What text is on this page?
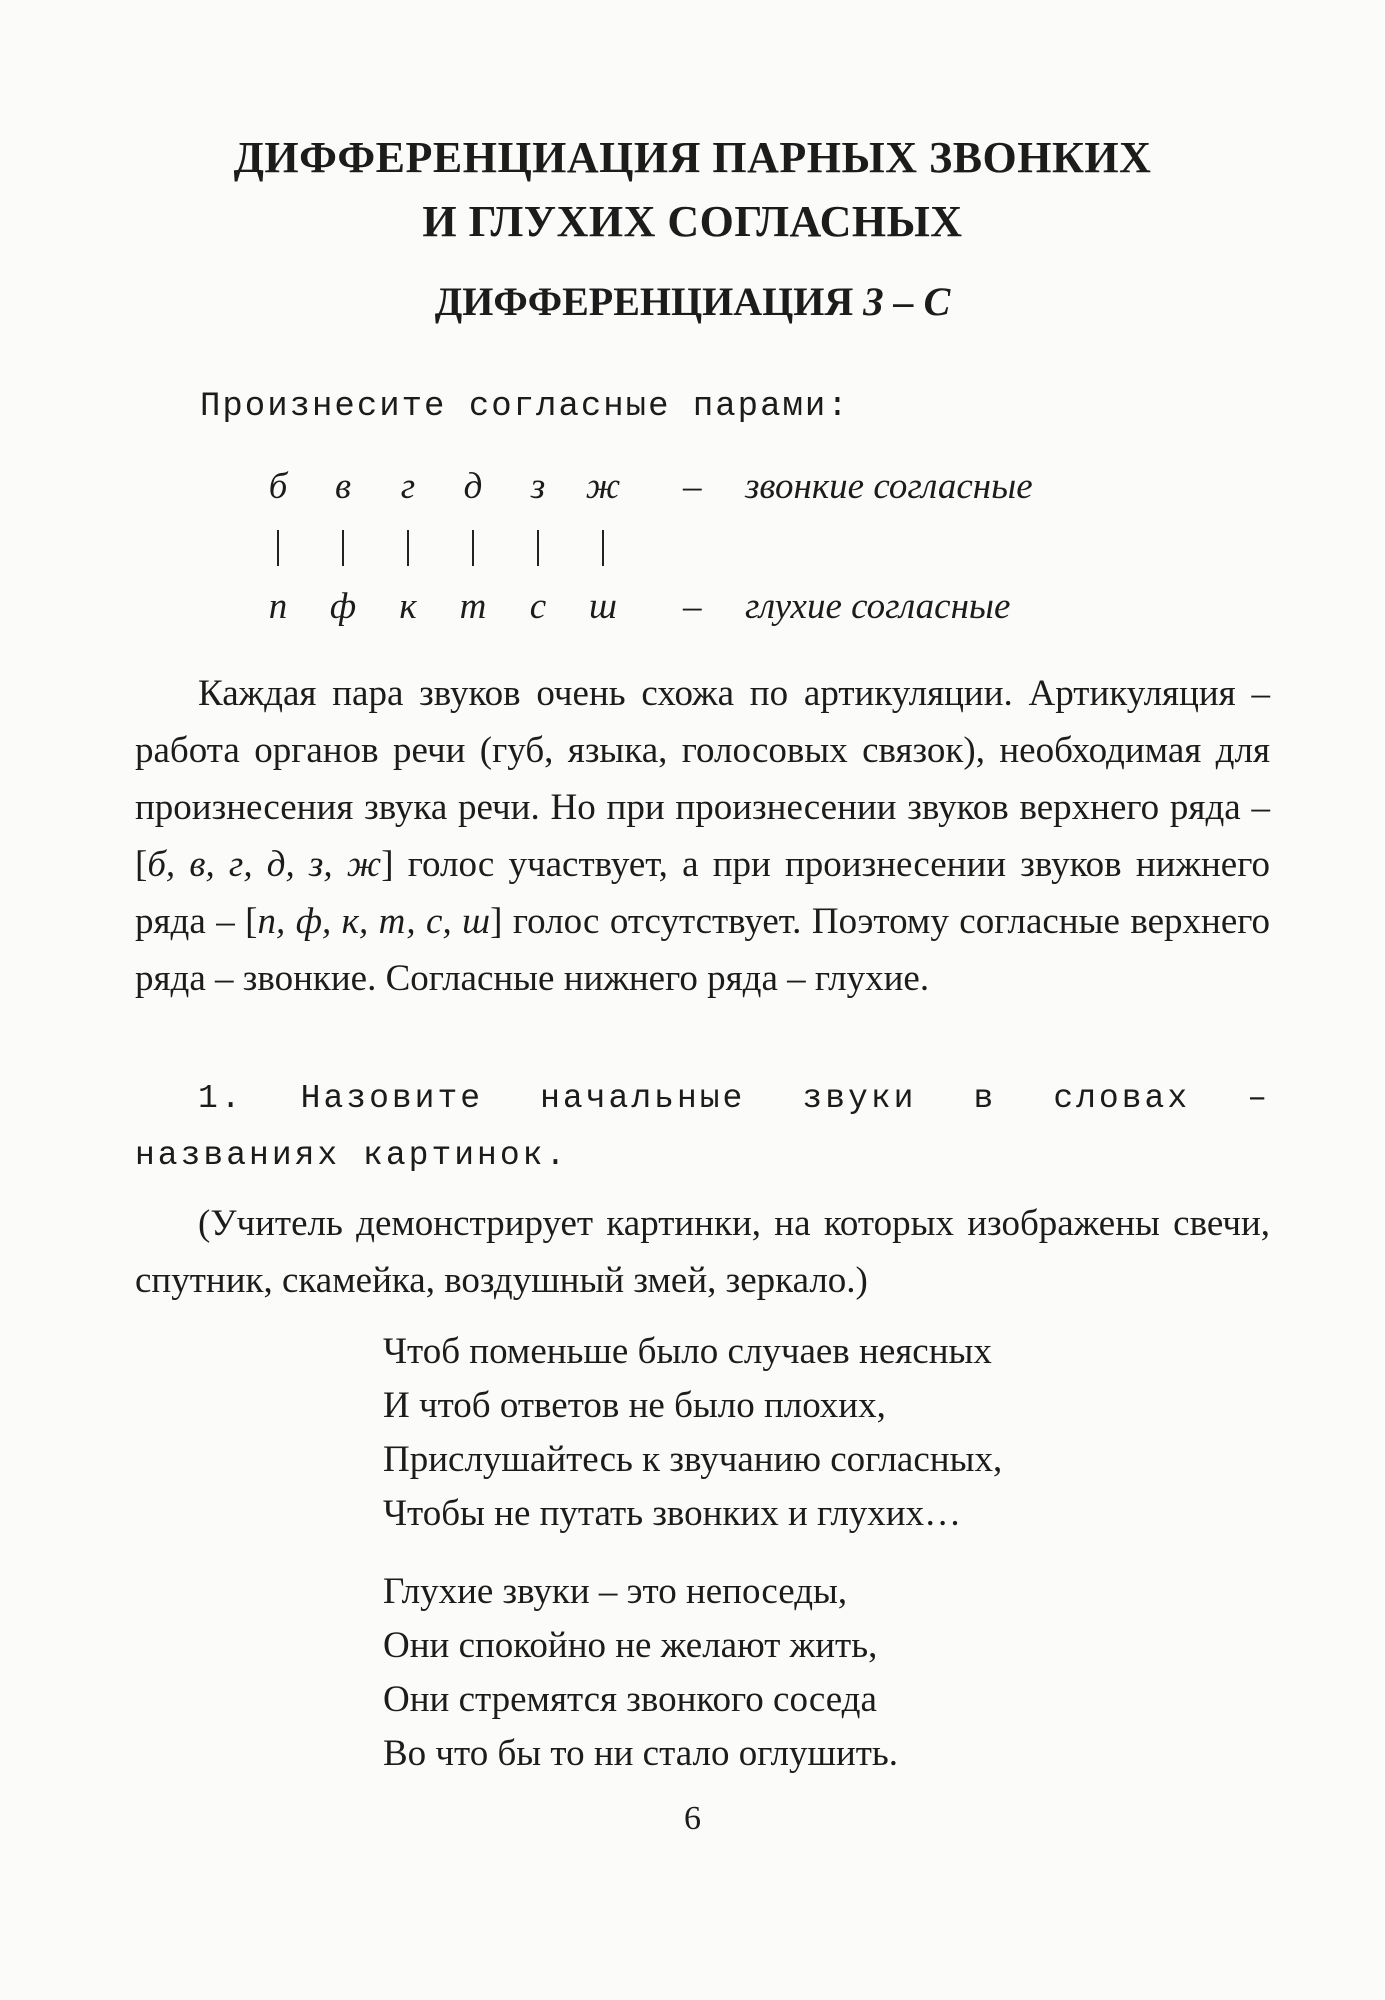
ДИФФЕРЕНЦИАЦИЯ ПАРНЫХ ЗВОНКИХ
И ГЛУХИХ СОГЛАСНЫХ
ДИФФЕРЕНЦИАЦИЯ З – С
Произнесите согласные парами:
б	в	г	д	з	ж – звонкие согласные
п ф	к	т	с	ш – глухие согласные

Каждая пара звуков очень схожа по артикуляции. Артикуляция – работа органов речи (губ, языка, голосовых связок), необходимая для произнесения звука речи. Но при произнесении звуков верхнего ряда – [б, в, г, д, з, ж] голос участвует, а при произнесении звуков нижнего ряда – [п, ф, к, т, с, ш] голос отсутствует. Поэтому согласные верхнего ряда – звонкие. Согласные нижнего ряда – глухие.

1. Назовите начальные звуки в словах – названиях картинок.

(Учитель демонстрирует картинки, на которых изображены свечи, спутник, скамейка, воздушный змей, зеркало.)

Чтоб поменьше было случаев неясных
И чтоб ответов не было плохих,
Прислушайтесь к звучанию согласных,
Чтобы не путать звонких и глухих…
Глухие звуки – это непоседы,
Они спокойно не желают жить,
Они стремятся звонкого соседа
Во что бы то ни стало оглушить.
6
